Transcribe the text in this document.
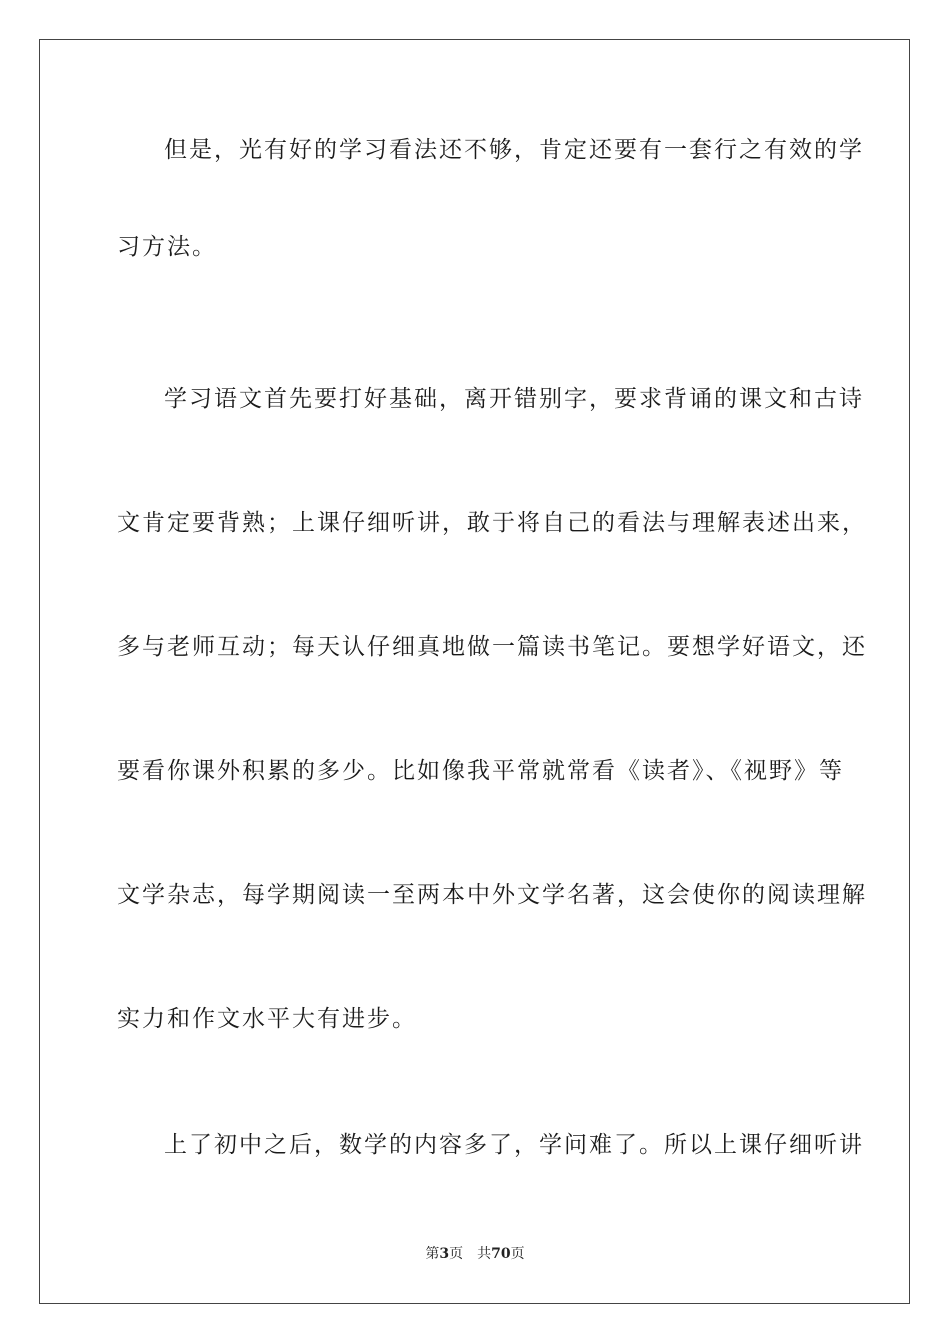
但是，光有好的学习看法还不够，肯定还要有一套行之有效的学
习方法。
学习语文首先要打好基础，离开错别字，要求背诵的课文和古诗
文肯定要背熟；上课仔细听讲，敢于将自己的看法与理解表述出来，
多与老师互动；每天认仔细真地做一篇读书笔记。要想学好语文，还
要看你课外积累的多少。比如像我平常就常看《读者》、《视野》等
文学杂志，每学期阅读一至两本中外文学名著，这会使你的阅读理解
实力和作文水平大有进步。
上了初中之后，数学的内容多了，学问难了。所以上课仔细听讲
第3页 共70页
